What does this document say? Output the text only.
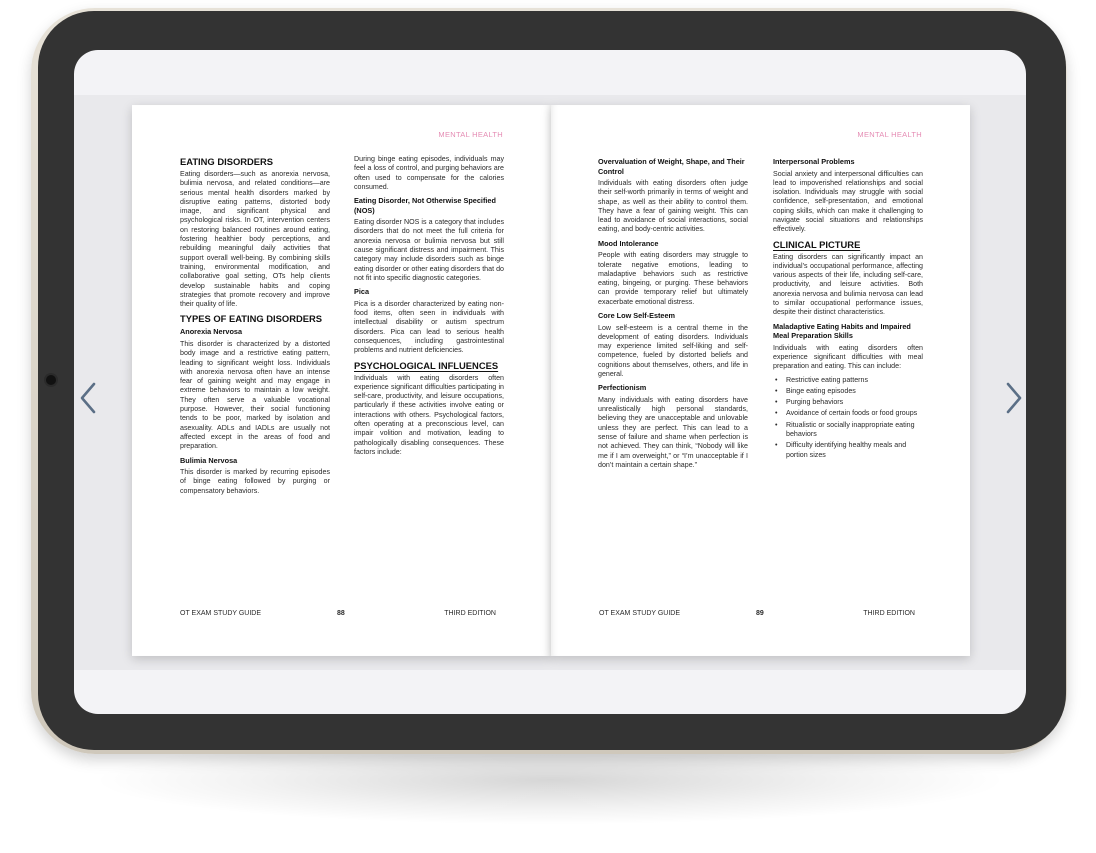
MENTAL HEALTH
EATING DISORDERS

Eating disorders—such as anorexia nervosa, bulimia nervosa, and related conditions—are serious mental health disorders marked by disruptive eating patterns, distorted body image, and significant physical and psychological risks. In OT, intervention centers on restoring balanced routines around eating, fostering healthier body perceptions, and rebuilding meaningful daily activities that support overall well-being. By combining skills training, environmental modification, and collaborative goal setting, OTs help clients develop sustainable habits and coping strategies that promote recovery and improve their quality of life.

TYPES OF EATING DISORDERS
Anorexia Nervosa

This disorder is characterized by a distorted body image and a restrictive eating pattern, leading to significant weight loss. Individuals with anorexia nervosa often have an intense fear of gaining weight and may engage in extreme behaviors to maintain a low weight. They often serve a valuable vocational purpose. However, their social functioning tends to be poor, marked by isolation and asexuality. ADLs and IADLs are usually not affected except in the areas of food and preparation.

Bulimia Nervosa

This disorder is marked by recurring episodes of binge eating followed by purging or compensatory behaviors.

During binge eating episodes, individuals may feel a loss of control, and purging behaviors are often used to compensate for the calories consumed.

Eating Disorder, Not Otherwise Specified (NOS)

Eating disorder NOS is a category that includes disorders that do not meet the full criteria for anorexia nervosa or bulimia nervosa but still cause significant distress and impairment. This category may include disorders such as binge eating disorder or other eating disorders that do not fit into specific diagnostic categories.

Pica

Pica is a disorder characterized by eating non-food items, often seen in individuals with intellectual disability or autism spectrum disorders. Pica can lead to serious health consequences, including gastrointestinal problems and nutrient deficiencies.

PSYCHOLOGICAL INFLUENCES

Individuals with eating disorders often experience significant difficulties participating in self-care, productivity, and leisure occupations, particularly if these activities involve eating or interactions with others. Psychological factors, often operating at a preconscious level, can impair volition and motivation, leading to pathologically disabling consequences. These factors include:

OT EXAM STUDY GUIDE	88	THIRD EDITION
MENTAL HEALTH
Overvaluation of Weight, Shape, and Their Control

Individuals with eating disorders often judge their self-worth primarily in terms of weight and shape, as well as their ability to control them. They have a fear of gaining weight. This can lead to avoidance of social interactions, social eating, and body-centric activities.

Mood Intolerance

People with eating disorders may struggle to tolerate negative emotions, leading to maladaptive behaviors such as restrictive eating, bingeing, or purging. These behaviors can provide temporary relief but ultimately exacerbate emotional distress.

Core Low Self-Esteem

Low self-esteem is a central theme in the development of eating disorders. Individuals may experience limited self-liking and self-competence, fueled by distorted beliefs and cognitions about themselves, others, and life in general.

Perfectionism

Many individuals with eating disorders have unrealistically high personal standards, believing they are unacceptable and unlovable unless they are perfect. This can lead to a sense of failure and shame when perfection is not achieved. They can think, “Nobody will like me if I am overweight,” or “I’m unacceptable if I don’t maintain a certain shape.”

Interpersonal Problems

Social anxiety and interpersonal difficulties can lead to impoverished relationships and social isolation. Individuals may struggle with social confidence, self-presentation, and emotional coping skills, which can make it challenging to navigate social situations and relationships effectively.

CLINICAL PICTURE

Eating disorders can significantly impact an individual’s occupational performance, affecting various aspects of their life, including self-care, productivity, and leisure activities. Both anorexia nervosa and bulimia nervosa can lead to similar occupational performance issues, despite their distinct characteristics.

Maladaptive Eating Habits and Impaired Meal Preparation Skills

Individuals with eating disorders often experience significant difficulties with meal preparation and eating. This can include:

• Restrictive eating patterns
• Binge eating episodes
• Purging behaviors
• Avoidance of certain foods or food groups
• Ritualistic or socially inappropriate eating behaviors
• Difficulty identifying healthy meals and portion sizes
OT EXAM STUDY GUIDE	89	THIRD EDITION
